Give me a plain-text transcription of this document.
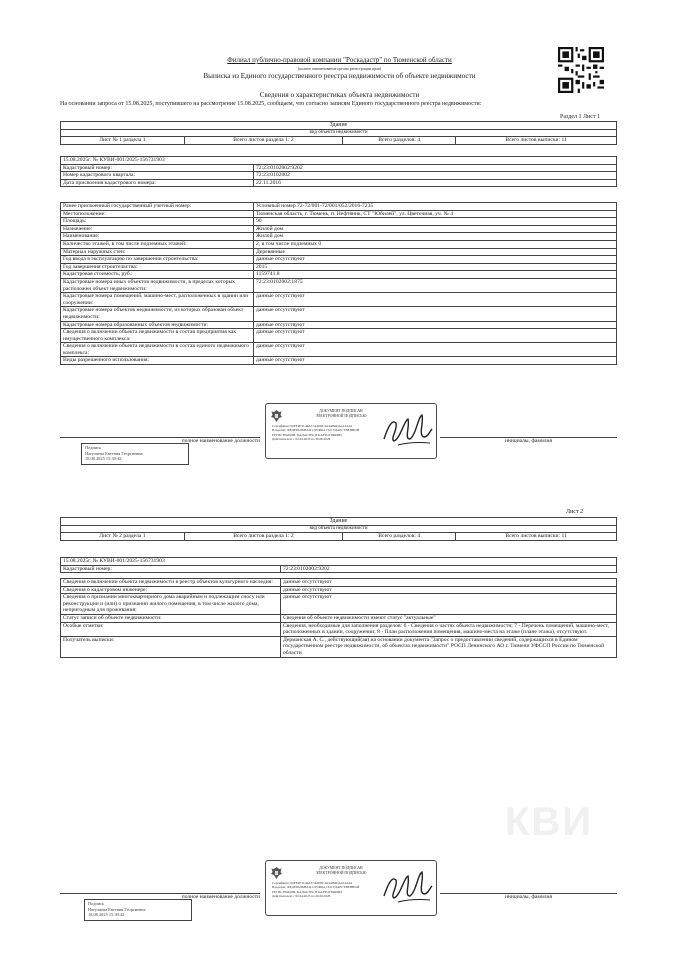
Филиал публично-правовой компании "Роскадастр" по Тюменской области
(полное наименование органа регистрации прав)
Выписка из Единого государственного реестра недвижимости об объекте недвижимости
Сведения о характеристиках объекта недвижимости
На основании запроса от 15.08.2025, поступившего на рассмотрение 15.08.2025, сообщаем, что согласно записям Единого государственного реестра недвижимости:
Раздел 1 Лист 1
Здание
вид объекта недвижимости
Лист № 1 раздела 1	Всего листов раздела 1: 2	Всего разделов: 4	Всего листов выписки: 11
15.08.2025г. № КУВИ-001/2025-156731903	
Кадастровый номер:	72:23:0102002:9202
Номер кадастрового квартала:	72:23:0102002
Дата присвоения кадастрового номера:	22.11.2016
Ранее присвоенный государственный учетный номер:	Условный номер 72-72/001-72/001/052/2016-7235
Местоположение:	Тюменская область, г. Тюмень, п. Нефтяник, СТ "Юбилей", ул. Цветочная, уч. № 4
Площадь:	90
Назначение:	Жилой дом
Наименование:	Жилой дом
Количество этажей, в том числе подземных этажей:	2, в том числе подземных 0
Материал наружных стен:	Деревянные
Год ввода в эксплуатацию по завершении строительства:	данные отсутствуют
Год завершения строительства:	2015
Кадастровая стоимость, руб.:	1159741.8
Кадастровые номера иных объектов недвижимости, в пределах которых расположен объект недвижимости:	72:23:0102002:1875
Кадастровые номера помещений, машино-мест, расположенных в здании или сооружении:	данные отсутствуют
Кадастровые номера объектов недвижимости, из которых образован объект недвижимости:	данные отсутствуют
Кадастровые номера образованных объектов недвижимости:	данные отсутствуют
Сведения о включении объекта недвижимости в состав предприятия как имущественного комплекса:	данные отсутствуют
Сведения о включении объекта недвижимости в состав единого недвижимого комплекса:	данные отсутствуют
Виды разрешенного использования:	данные отсутствуют
ДОКУМЕНТ ПОДПИСАН
ЭЛЕКТРОННОЙ ПОДПИСЬЮ
Сертификат: 00FF4E3C44A57A4D9C4A4AB6DA41A24A
Владелец: ФЕДЕРАЛЬНАЯ СЛУЖБА ГОСУДАРСТВЕННОЙ
РЕГИСТРАЦИИ, КАДАСТРА И КАРТОГРАФИИ
Действителен: с 02.04.2025 по 26.06.2026
полное наименование должности	инициалы, фамилия
Подпись
Нагуляева Евгения Георгиевна
18.08.2025 15:30:42
Лист 2
Здание
вид объекта недвижимости
Лист № 2 раздела 1	Всего листов раздела 1: 2	Всего разделов: 4	Всего листов выписки: 11
15.08.2025г. № КУВИ-001/2025-156731903
Кадастровый номер:	72:23:0102002:9202
Сведения о включении объекта недвижимости в реестр объектов культурного наследия:	данные отсутствуют
Сведения о кадастровом инженере:	данные отсутствуют
Сведения о признании многоквартирного дома аварийным и подлежащим сносу или реконструкции и (или) о признании жилого помещения, в том числе жилого дома, непригодным для проживания:	данные отсутствуют
Статус записи об объекте недвижимости:	Сведения об объекте недвижимости имеют статус "актуальные"
Особые отметки:	Сведения, необходимые для заполнения разделов: 6 - Сведения о частях объекта недвижимости; 7 - Перечень помещений, машино-мест, расположенных в здании, сооружении; 8 - План расположения помещения, машино-места на этаже (плане этажа), отсутствуют.
Получатель выписки:	Дерманская А. С., действующий(ая) на основании документа "Запрос о предоставлении сведений, содержащихся в Едином государственном реестре недвижимости, об объектах недвижимости" РОСП Ленинского АО г. Тюмени УФССП России по Тюменской области
КВИ
ДОКУМЕНТ ПОДПИСАН
ЭЛЕКТРОННОЙ ПОДПИСЬЮ
Сертификат: 00FF4E3C44A57A4D9C4A4AB6DA41A24A
Владелец: ФЕДЕРАЛЬНАЯ СЛУЖБА ГОСУДАРСТВЕННОЙ
РЕГИСТРАЦИИ, КАДАСТРА И КАРТОГРАФИИ
Действителен: с 02.04.2025 по 26.06.2026
полное наименование должности	инициалы, фамилия
Подпись
Нагуляева Евгения Георгиевна
18.08.2025 15:30:42
